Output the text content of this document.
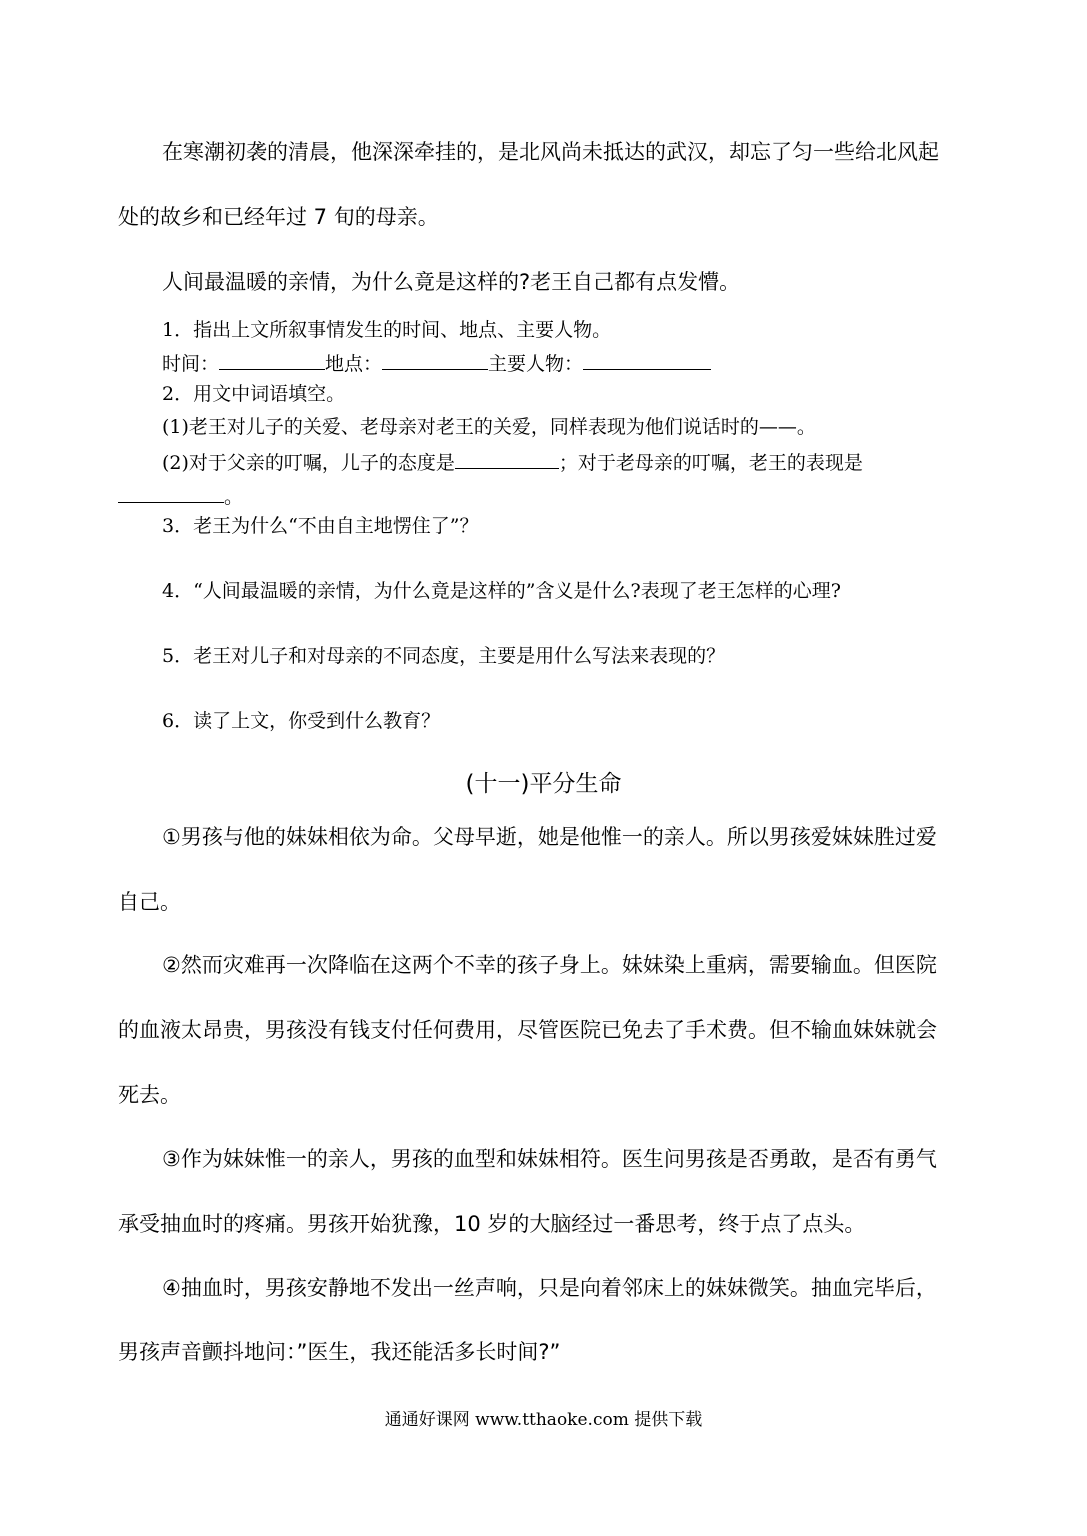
在寒潮初袭的清晨，他深深牵挂的，是北风尚未抵达的武汉，却忘了匀一些给北风起
处的故乡和已经年过 7 旬的母亲。
人间最温暖的亲情，为什么竟是这样的?老王自己都有点发懵。
1．指出上文所叙事情发生的时间、地点、主要人物。
时间：	地点：	主要人物：
2．用文中词语填空。
(1)老王对儿子的关爱、老母亲对老王的关爱，同样表现为他们说话时的——。
(2)对于父亲的叮嘱，儿子的态度是	；对于老母亲的叮嘱，老王的表现是
。
3．老王为什么“不由自主地愣住了”？
4．“人间最温暖的亲情，为什么竟是这样的”含义是什么?表现了老王怎样的心理?
5．老王对儿子和对母亲的不同态度，主要是用什么写法来表现的？
6．读了上文，你受到什么教育？
(十一)平分生命
①男孩与他的妹妹相依为命。父母早逝，她是他惟一的亲人。所以男孩爱妹妹胜过爱
自己。
②然而灾难再一次降临在这两个不幸的孩子身上。妹妹染上重病，需要输血。但医院
的血液太昂贵，男孩没有钱支付任何费用，尽管医院已免去了手术费。但不输血妹妹就会
死去。
③作为妹妹惟一的亲人，男孩的血型和妹妹相符。医生问男孩是否勇敢，是否有勇气
承受抽血时的疼痛。男孩开始犹豫，10 岁的大脑经过一番思考，终于点了点头。
④抽血时，男孩安静地不发出一丝声响，只是向着邻床上的妹妹微笑。抽血完毕后，
男孩声音颤抖地问：”医生，我还能活多长时间?”
通通好课网 www.tthaoke.com 提供下载
